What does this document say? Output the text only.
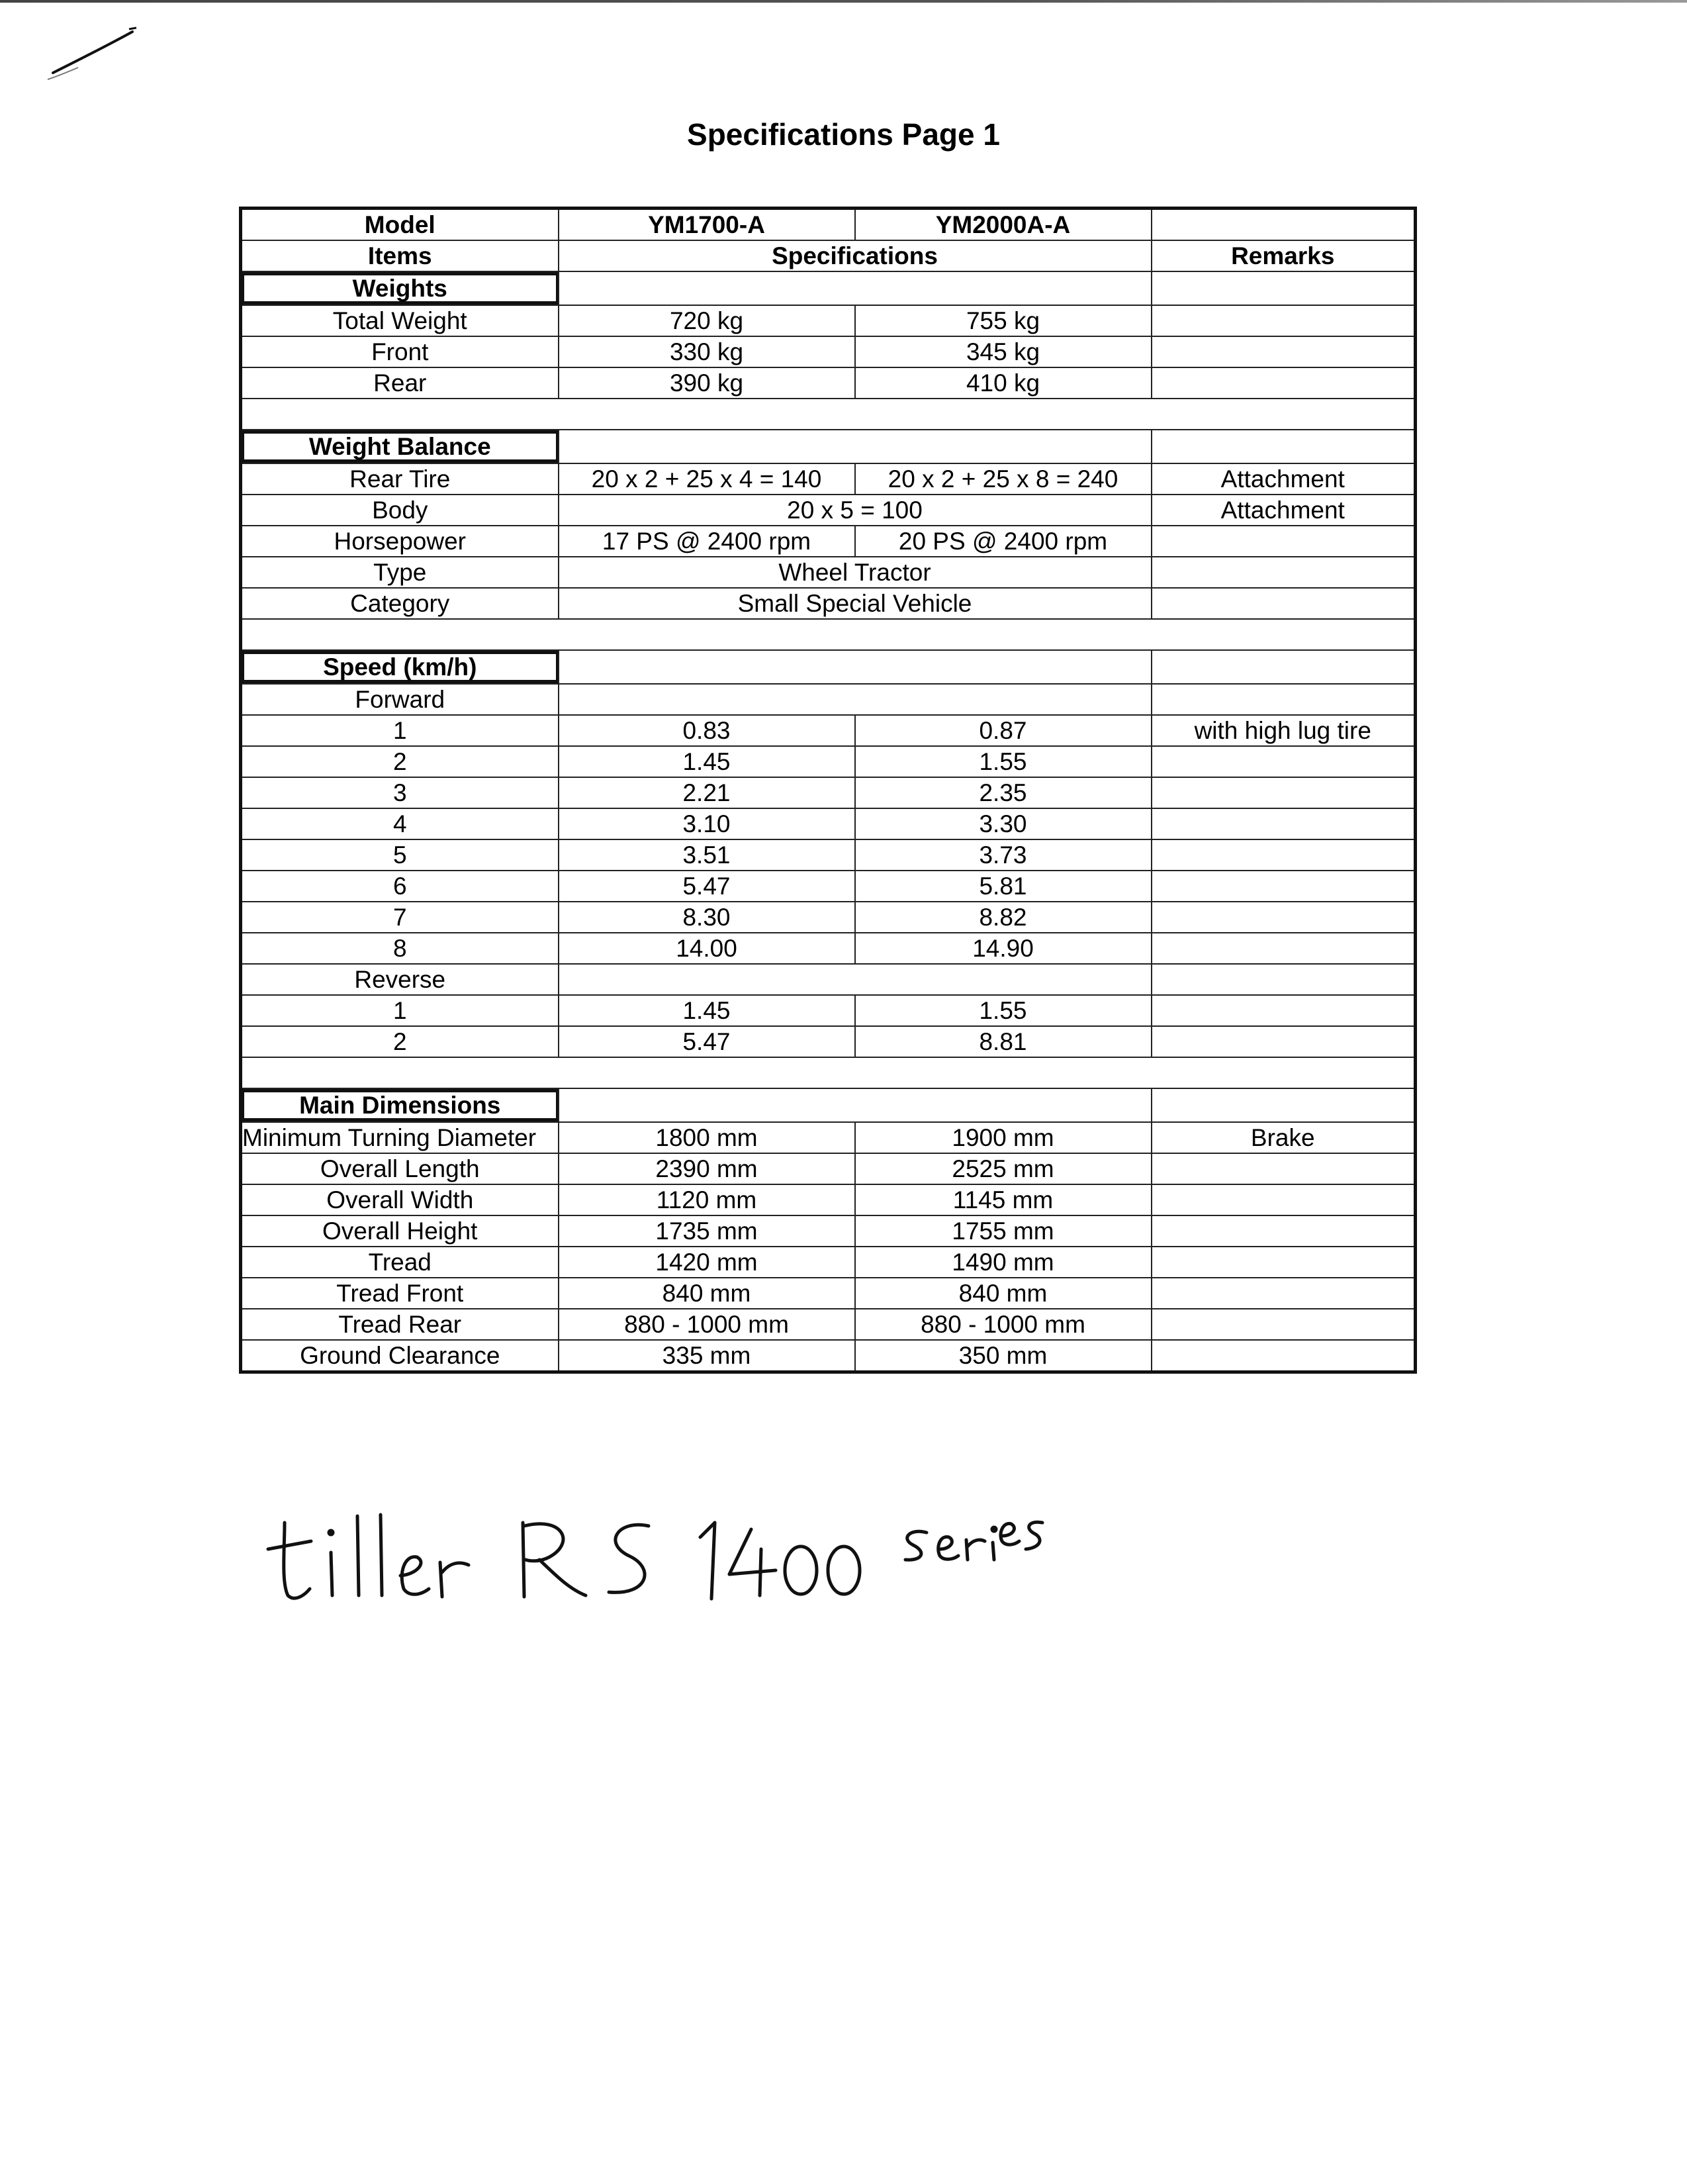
Specifications Page 1
Model	YM1700-A	YM2000A-A	
Items	Specifications		Remarks

Weights			

Total Weight	720 kg	755 kg	
Front	330 kg	345 kg	
Rear	390 kg	410 kg	

Weight Balance			

Rear Tire	20 x 2 + 25 x 4 = 140	20 x 2 + 25 x 8 = 240	Attachment
Body	20 x 5 = 100		Attachment
Horsepower	17 PS @ 2400 rpm	20 PS @ 2400 rpm	
Type	Wheel Tractor		
Category	Small Special Vehicle		

Speed (km/h)			

Forward			
1	0.83	0.87	with high lug tire
2	1.45	1.55	
3	2.21	2.35	
4	3.10	3.30	
5	3.51	3.73	
6	5.47	5.81	
7	8.30	8.82	
8	14.00	14.90	
Reverse			
1	1.45	1.55	
2	5.47	8.81	

Main Dimensions			

Minimum Turning Diameter	1800 mm	1900 mm	Brake
Overall Length	2390 mm	2525 mm	
Overall Width	1120 mm	1145 mm	
Overall Height	1735 mm	1755 mm	
Tread	1420 mm	1490 mm	
Tread Front	840 mm	840 mm	
Tread Rear	880 - 1000 mm	880 - 1000 mm	
Ground Clearance	335 mm	350 mm	
